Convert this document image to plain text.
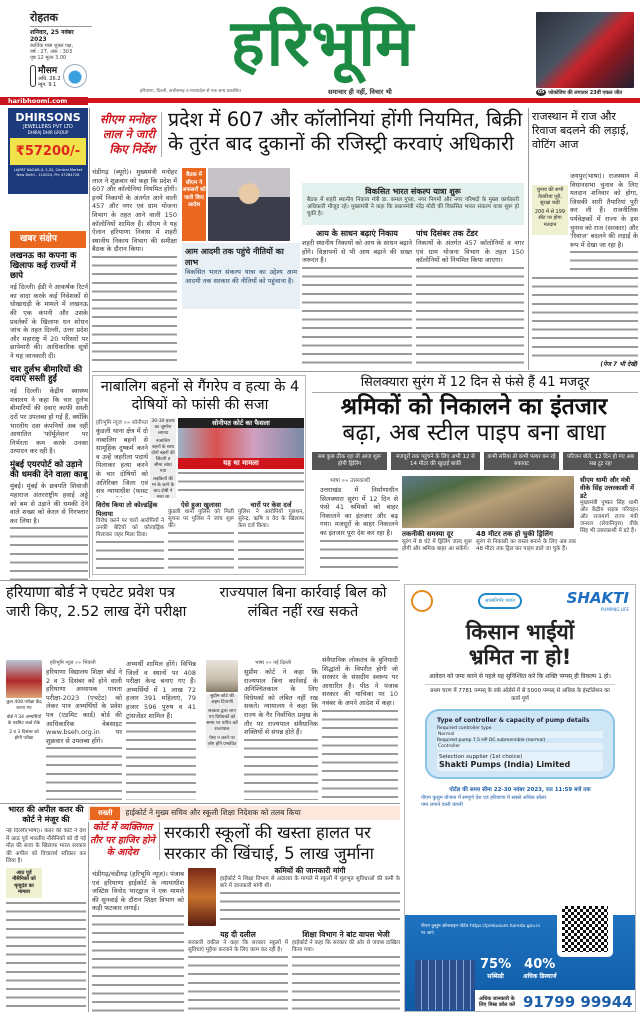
रोहतक
शनिवार, 25 नवंबर 2023
कार्तिक मास शुक्ल पक्ष,
वर्ष : 27, अंक : 303
पृष्ठ 12 मूल्य 3.00
मौसम
अधि. 26.2
न्यून. 9.1
हरिभूमि
हरियाणा, दिल्ली, छत्तीसगढ़ व मध्यप्रदेश से एक साथ प्रकाशित	समाचार ही नहीं, विचार भी	05 जोकोविच की लगातार 23वीं एकल जीत
haribhoomi.com
DHIRSONS
JEWELLERS PVT LTD
DHIRAJ DHIR GROUP
₹57200/-
LAJPAT NAGAR-II, 2-32, Central Market New Delhi - 110024, Ph: 47284728
खबर संक्षेप
लखनऊ की कंपनी के खिलाफ कई राज्यों में छापे
नई दिल्ली। ईडी ने आकर्षक रिटर्न का वादा करके कई निवेशकों से धोखाधड़ी के मामले में लखनऊ की एक कंपनी और उसके प्रवर्तकों के खिलाफ धन शोधन जांच के तहत दिल्ली, उत्तर प्रदेश और महाराष्ट्र में 20 परिसरों पर छापेमारी की। आधिकारिक सूत्रों ने यह जानकारी दी।
चार दुर्लभ बीमारियों की दवाएं सस्ती हुईं
नई दिल्ली। केंद्रीय स्वास्थ्य मंत्रालय ने कहा कि चार दुर्लभ बीमारियों की दवाएं काफी सस्ती दरों पर उपलब्ध हो गई हैं, क्योंकि भारतीय दवा कंपनियों अब नहीं आयातित 'फॉर्मूलेशन' पर निर्भरता कम करके उनका उत्पादन कर रही है।
मुंबई एयरपोर्ट को उड़ाने की धमकी देने वाला काबू
मुंबई। मुंबई के छत्रपति शिवाजी महाराज अंतरराष्ट्रीय हवाई अड्डे को बम से उड़ाने की धमकी देने वाले शख्स को केरल से गिरफ्तार कर लिया है।
सीएम मनोहर लाल ने जारी किए निर्देश
प्रदेश में 607 और कॉलोनियां होंगी नियमित, बिक्री के तुरंत बाद दुकानों की रजिस्ट्री करवाएं अधिकारी
चंडीगढ़ (ब्यूरो)। मुख्यमंत्री मनोहर लाल ने शुक्रवार को कहा कि प्रदेश में 607 और कॉलोनियां नियमित होंगी। इनमें निकायों के अंतर्गत आने वाली 457 और नगर एवं ग्राम योजना विभाग के तहत आने वाली 150 कॉलोनियों शामिल हैं। सीएम ने यह ऐलान हरियाणा निवास में शहरी स्थानीय निकाय विभाग की समीक्षा बैठक के दौरान किया।
बैठक में सीएम ने अफसरों को जारी किए आदेश
आम आदमी तक पहुंचे नीतियों का लाभ
विकसित भारत संकल्प यात्रा का उद्देश्य आम आदमी तक सरकार की नीतियों को पहुंचाना है।
विकसित भारत संकल्प यात्रा शुरू
बैठक में शहरी स्थानीय निकाय मंत्री डा. कमल गुप्ता, नगर निगमों और नगर परिषदों के मुख्य कार्यकारी अधिकारी मौजूद रहे। मुख्यमंत्री ने कहा कि प्रधानमंत्री नरेंद्र मोदी की विकसित भारत संकल्प यात्रा शुरू हो चुकी है।
आय के साधन बढ़ाएं निकाय
शहरी स्थानीय निकायों को आय के साधन बढ़ाने होंगे। विज्ञापनों से भी आय बढ़ाने की सख्त जरूरत है।
पांच दिसंबर तक टेंडर
निकायों के अंतर्गत 457 कॉलोनियों व नगर एवं ग्राम योजना विभाग के तहत 150 कॉलोनियों को नियमित किया जाएगा।
राजस्थान में राज और रिवाज बदलने की लड़ाई, वोटिंग आज
चुनाव की सभी तैयारियां पूरी, सुरक्षा कड़ी
200 में से 199 सीट पर होगा मतदान
जयपुर(भाषा)। राजस्थान में विधानसभा चुनाव के लिए मतदान शनिवार को होगा, जिसकी सारी तैयारियां पूरी कर ली हैं। राजनीतिक पर्यवेक्षकों में राज्य के इस चुनाव को राज (सरकार) और 'रिवाज' बदलने की लड़ाई के रूप में देखा जा रहा है।
(पेज 7 भी देखें)
नाबालिग बहनों से गैंगरेप व हत्या के 4 दोषियों को फांसी की सजा
हरिभूमि न्यूज »» सोनीपत
कुंडली थाना क्षेत्र में दो नाबालिग बहनों से सामूहिक दुष्कर्म करने व उन्हें जहरीला पदार्थ पिलाकर हत्या करने के चार दोषियों को अतिरिक्त जिला एवं सत्र न्यायाधीश (फास्ट
30-30 हजार का जुर्माना लगाया
नाबालिग बहनों के साथ दोनों बहनों की जिंदगी व सीमा लांघा गया
लड़कियों की मां के जाने के बाद दोषी ने मारा था
सोनीपत कोर्ट का फैसला
यह था मामला
विरोध किया तो कोल्डड्रिंक पिलाया
विरोध करने पर चारों आरोपियों ने उनकी बेटियों को कोल्डड्रिंक पिलाकर जहर मिला दिया।
ऐसे हुआ खुलासा
कुंडली थाना पुलिस को मिली सूचना पर पुलिस ने जांच शुरू की।
चारों पर केस दर्ज
पुलिस ने आरोपियों गुलशन, सुरेन्द्र, ऋषि व वेद के खिलाफ केस दर्ज किया।
सिलक्यारा सुरंग में 12 दिन से फंसे हैं 41 मजदूर
श्रमिकों को निकालने का इंतजार
बढ़ा, अब स्टील पाइप बना बाधा
सब कुछ ठीक रहा तो आज शुरू होगी ड्रिलिंग
मजदूरों तक पहुंचने के लिए अभी 12 से 14 मीटर की खुदाई बाकी
कभी सरिया तो कभी पत्थर बन रहे रुकावट
परिजन बोले, 12 दिन हो गए अब सब्र टूट रहा
भाषा »» उत्तरकाशी
उत्तराखंड में निर्माणाधीन सिलक्यारा सुरंग में 12 दिन से फंसे 41 श्रमिकों को बाहर निकालने का इंतजार और बढ़ गया। मजदूरों के बाहर निकालने का इंतजार पूरा देश कर रहा है।	तकनीकी समस्या दूर
सुरंग में 8 घंटे में ड्रिलिंग जल्द शुरू होगी और श्रमिक बाहर आ सकेंगे।
48 मीटर तक हो चुकी ड्रिलिंग
सुरंग से निकासी का रास्ता बनाने के लिए अब तक 48 मीटर तक ड्रिल कर पाइप डाले जा चुके हैं।
सीएम धामी और मंत्री वीके सिंह उत्तरकाशी में डटे
मुख्यमंत्री पुष्कर सिंह धामी और केंद्रीय सड़क परिवहन और राजमार्ग राज्य मंत्री जनरल (सेवानिवृत्त) वीके सिंह भी उत्तरकाशी में डटे हैं।
हरियाणा बोर्ड ने एचटेट प्रवेश पत्र जारी किए, 2.52 लाख देंगे परीक्षा
कुल 408 परीक्षा केंद्र बनाए गए
बोर्ड ने 34 अभ्यर्थियों के एडमिट कार्ड रोके
2 व 3 दिसंबर को होगी परीक्षा
हरिभूमि न्यूज »» भिवानी
हरियाणा विद्यालय शिक्षा बोर्ड ने 2 व 3 दिसंबर को होने वाली हरियाणा अध्यापक पात्रता परीक्षा-2023 (एचटेट) को लेकर पात्र अभ्यर्थियों के प्रवेश पत्र (एडमिट कार्ड) बोर्ड की आधिकारिक वेबसाइट www.bseh.org.in पर शुक्रवार से उपलब्ध होंगे।
अभ्यर्थी शामिल होंगे। विभिन्न जिलों व स्थानों पर 408 परीक्षा केन्द्र बनाए गए हैं। अभ्यर्थियों में 1 लाख 72 हजार 391 महिलाएं, 79 हजार 596 पुरुष व 41 ट्रांसजेंडर शामिल हैं।
राज्यपाल बिना कार्रवाई बिल को लंबित नहीं रख सकते
सुप्रीम कोर्ट की अहम टिप्पणी
सरकार द्वारा लाए गए विधेयकों को समय पर पारित करें राज्यपाल
ऐसा न करने पर लोग होंगे प्रभावित
भाषा »» नई दिल्ली
सुप्रीम कोर्ट ने कहा कि राज्यपाल बिना कार्रवाई के अनिश्चितकाल के लिए विधेयकों को लंबित नहीं रख सकते। न्यायालय ने कहा कि राज्य के गैर निर्वाचित प्रमुख के तौर पर राज्यपाल संवैधानिक शक्तियों से संपन्न होते हैं।
संवैधानिक लोकतंत्र के बुनियादी सिद्धांतों के विपरीत होगी जो सरकार के संसदीय स्वरूप पर आधारित है। पीठ ने पंजाब सरकार की याचिका पर 10 नवंबर के अपने आदेश में कहा।
आत्मनिर्भर भारत	SHAKTI
PUMPING LIFE
किसान भाईयों
भ्रमित ना हो!
आवेदन को जमा करने से पहले यह सुनिश्चित करें कि शक्ति पम्पस् ही विकल्प 1 हो।
प्रथम चरण में 7781 पम्पस् के वर्क ऑर्डर्स में से 5000 पम्पस् से अधिक के इंस्टॉलेशन का कार्य पूर्ण
Type of controller & capacity of pump details
Required controller type
Normal
Required pump 7.5 HP DC submersible (normal)
Controller
Selection supplier (1st choice)
Shakti Pumps (India) Limited
पोर्टल की समय सीमा 22-30 नवंबर 2023, रात 11:59 बजे तक
पीएम कुसुम योजना में सम्पूर्ण देश एवं हरियाणा में सबसे अधिक सोलर पम्प लगाने वाली कंपनी
पीएम कुसुम ऑनलाइन पोर्टल https://pmkusum.hareda.gov.in पर जाएं
75%
सब्सिडी
40%
अधिक डिस्चार्ज
अधिक जानकारी के लिए मिस्ड कॉल करें 91799 99944
सख्ती	हाईकोर्ट ने मुख्य सचिव और स्कूली शिक्षा निदेशक को तलब किया
भारत की अपील कतर की कोर्ट ने मंजूर की
नई दिल्ली(भाषा)। कतर की कोर्ट ने देश में आठ पूर्व भारतीय नौसैनिकों को दी गई मौत की सजा के खिलाफ भारत सरकार की अपील को विचारार्थ स्वीकार कर लिया है।
आठ पूर्व नौसैनिकों को मृत्युदंड का मामला
कोर्ट में व्यक्तिगत तौर पर हाजिर होने के आदेश
सरकारी स्कूलों की खस्ता हालत पर सरकार की खिंचाई, 5 लाख जुर्माना
चंडीगढ़/चंडीगढ़ (हरिभूमि न्यूज़)। पंजाब एवं हरियाणा हाईकोर्ट के न्यायाधीश जस्टिस विनोद भारद्वाज ने एक मामले की सुनवाई के दौरान शिक्षा विभाग को कड़ी फटकार लगाई।
कमियों की जानकारी मांगी
हाईकोर्ट ने शिक्षा विभाग से अदालत के मामले में स्कूलों में मूलभूत सुविधाओं की कमी के बारे में जानकारी मांगी थी।
यह दी दलील
सरकारी वकील ने कहा कि सरकार स्कूलों में सुविधाएं मुहैया करवाने के लिए काम कर रही है।
शिक्षा विभाग ने बांट वापस भेजी
हाईकोर्ट ने कहा कि सरकार की ओर से जवाब दाखिल किया गया।
